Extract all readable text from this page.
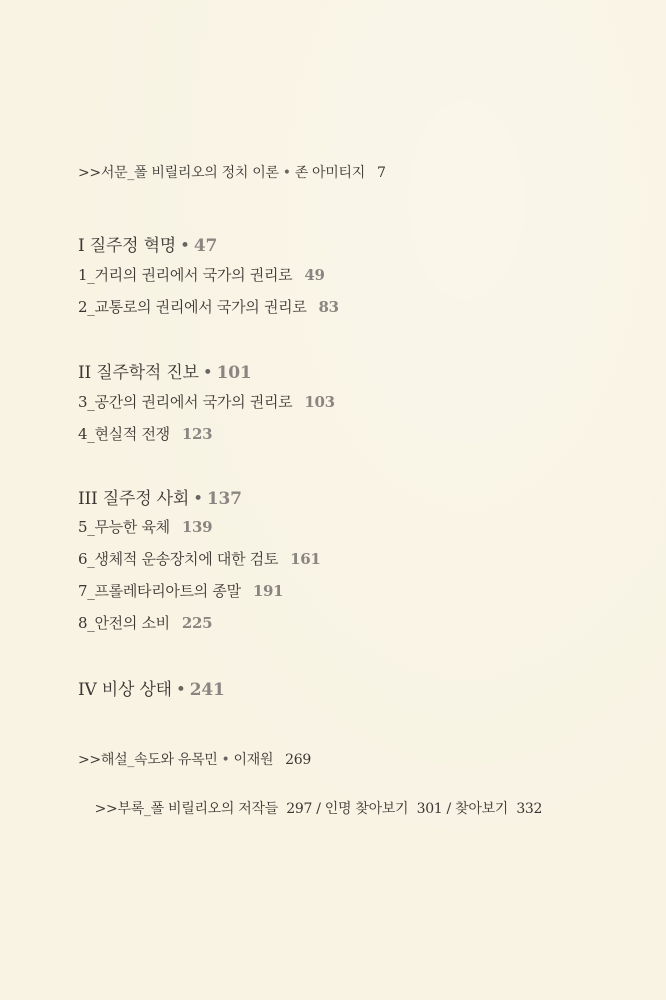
>>서문_폴 비릴리오의 정치 이론 • 존 아미티지 7
I 질주정 혁명 • 47
1_거리의 권리에서 국가의 권리로 49
2_교통로의 권리에서 국가의 권리로 83
II 질주학적 진보 • 101
3_공간의 권리에서 국가의 권리로 103
4_현실적 전쟁 123
III 질주정 사회 • 137
5_무능한 육체 139
6_생체적 운송장치에 대한 검토 161
7_프롤레타리아트의 종말 191
8_안전의 소비 225
IV 비상 상태 • 241
>>해설_속도와 유목민 • 이재원 269

>>부록_폴 비릴리오의 저작들  297 / 인명 찾아보기  301 / 찾아보기  332
